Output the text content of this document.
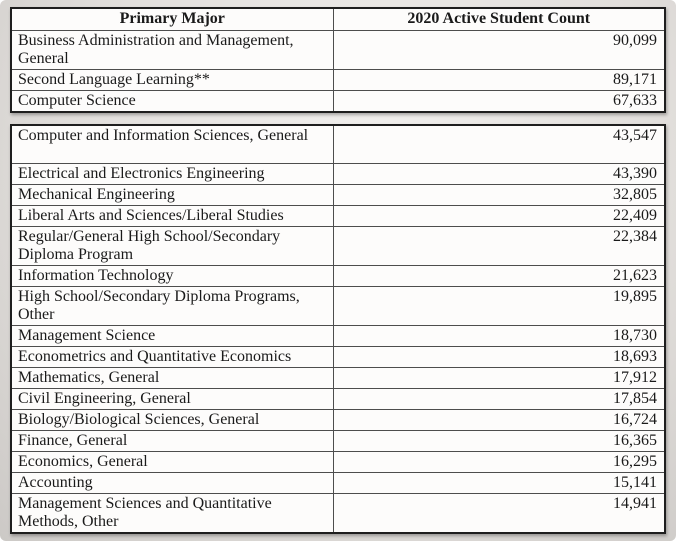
Primary Major	2020 Active Student Count
Business Administration and Management, General	90,099
Second Language Learning**	89,171
Computer Science	67,633
Computer and Information Sciences, General	43,547
Electrical and Electronics Engineering	43,390
Mechanical Engineering	32,805
Liberal Arts and Sciences/Liberal Studies	22,409
Regular/General High School/Secondary Diploma Program	22,384
Information Technology	21,623
High School/Secondary Diploma Programs, Other	19,895
Management Science	18,730
Econometrics and Quantitative Economics	18,693
Mathematics, General	17,912
Civil Engineering, General	17,854
Biology/Biological Sciences, General	16,724
Finance, General	16,365
Economics, General	16,295
Accounting	15,141
Management Sciences and Quantitative Methods, Other	14,941
